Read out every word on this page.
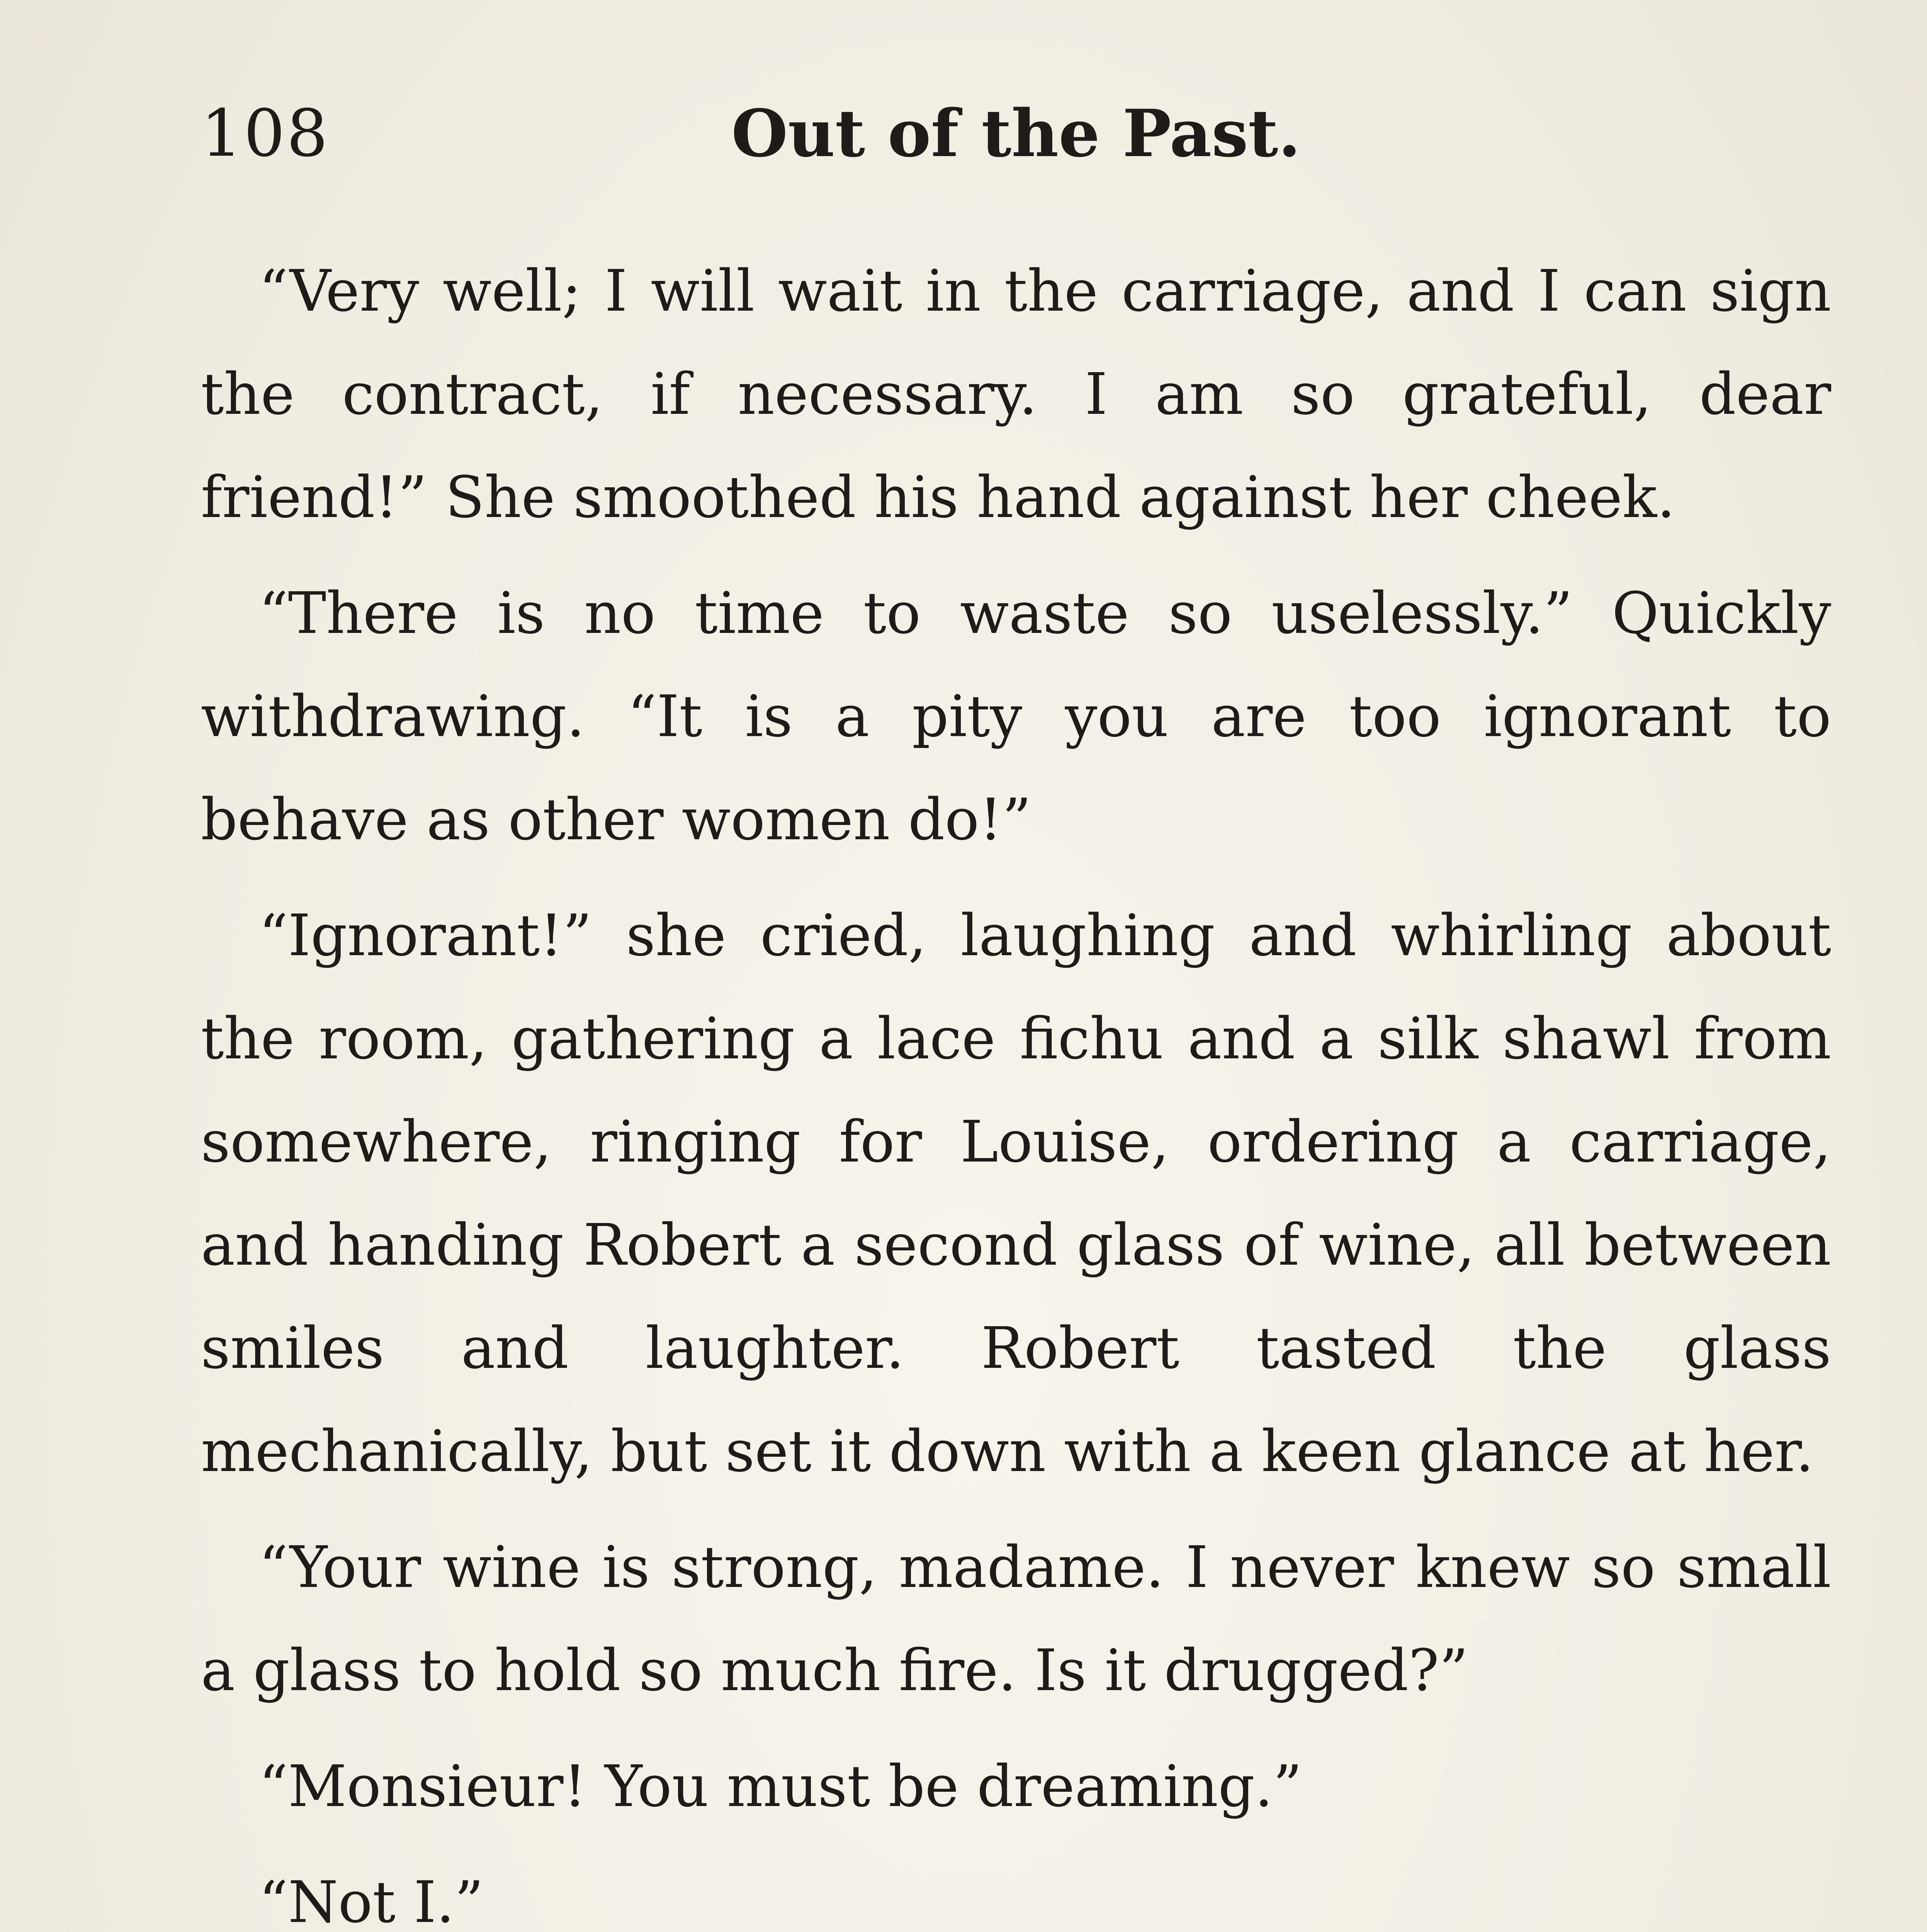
108	Out of the Past.

“Very well; I will wait in the carriage, and I can sign the contract, if necessary. I am so grateful, dear friend!” She smoothed his hand against her cheek.

“There is no time to waste so uselessly.” Quickly withdrawing. “It is a pity you are too ignorant to behave as other women do!”

“Ignorant!” she cried, laughing and whirling about the room, gathering a lace fichu and a silk shawl from somewhere, ringing for Louise, ordering a carriage, and handing Robert a second glass of wine, all between smiles and laughter. Robert tasted the glass mechanically, but set it down with a keen glance at her.

“Your wine is strong, madame. I never knew so small a glass to hold so much fire. Is it drugged?”

“Monsieur! You must be dreaming.”

“Not I.”
